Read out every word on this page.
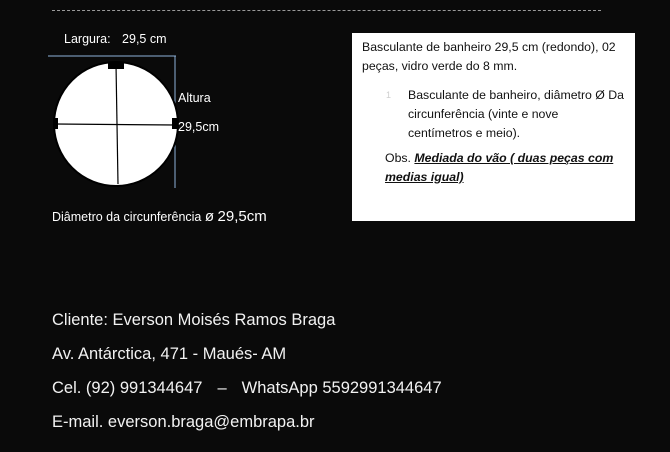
Largura: 29,5 cm
Altura
29,5cm
Diâmetro da circunferência ø 29,5cm

Basculante de banheiro 29,5 cm (redondo), 02 peças, vidro verde do 8 mm.

1 Basculante de banheiro, diâmetro Ø Da circunferência (vinte e nove centímetros e meio).

Obs. Mediada do vão ( duas peças com medias igual)

Cliente: Everson Moisés Ramos Braga
Av. Antárctica, 471 - Maués- AM
Cel. (92) 991344647 – WhatsApp 5592991344647
E-mail. everson.braga@embrapa.br
